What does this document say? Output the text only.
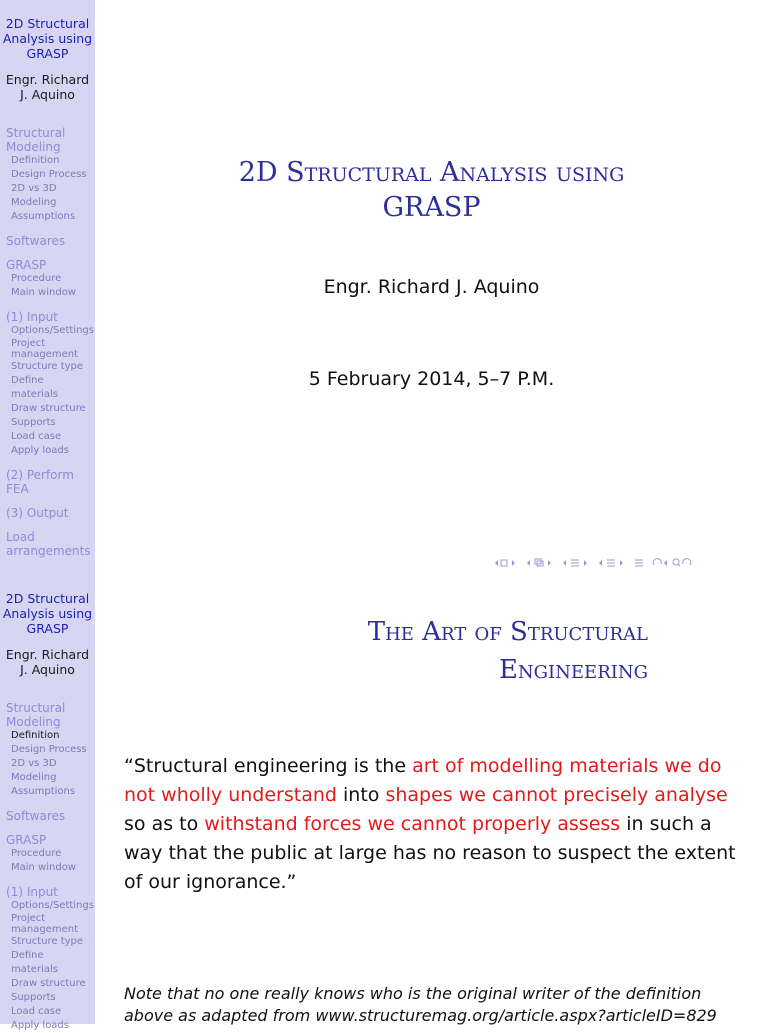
2D Structural
Analysis using
GRASP
Engr. Richard
J. Aquino
Structural
Modeling
Definition
Design Process
2D vs 3D
Modeling
Assumptions
Softwares
GRASP
Procedure
Main window
(1) Input
Options/Settings
Project
management
Structure type
Define materials
Draw structure
Supports
Load case
Apply loads
(2) Perform
FEA
(3) Output
Load
arrangements
2D Structural Analysis using
GRASP
Engr. Richard J. Aquino
5 February 2014, 5–7 P.M.
2D Structural
Analysis using
GRASP
Engr. Richard
J. Aquino
Structural
Modeling
Definition
Design Process
2D vs 3D
Modeling
Assumptions
Softwares
GRASP
Procedure
Main window
(1) Input
Options/Settings
Project
management
Structure type
Define materials
Draw structure
Supports
Load case
Apply loads
The Art of Structural
Engineering
“Structural engineering is the art of modelling materials we do not wholly understand into shapes we cannot precisely analyse so as to withstand forces we cannot properly assess in such a way that the public at large has no reason to suspect the extent of our ignorance.”
Note that no one really knows who is the original writer of the definition above as adapted from www.structuremag.org/article.aspx?articleID=829
